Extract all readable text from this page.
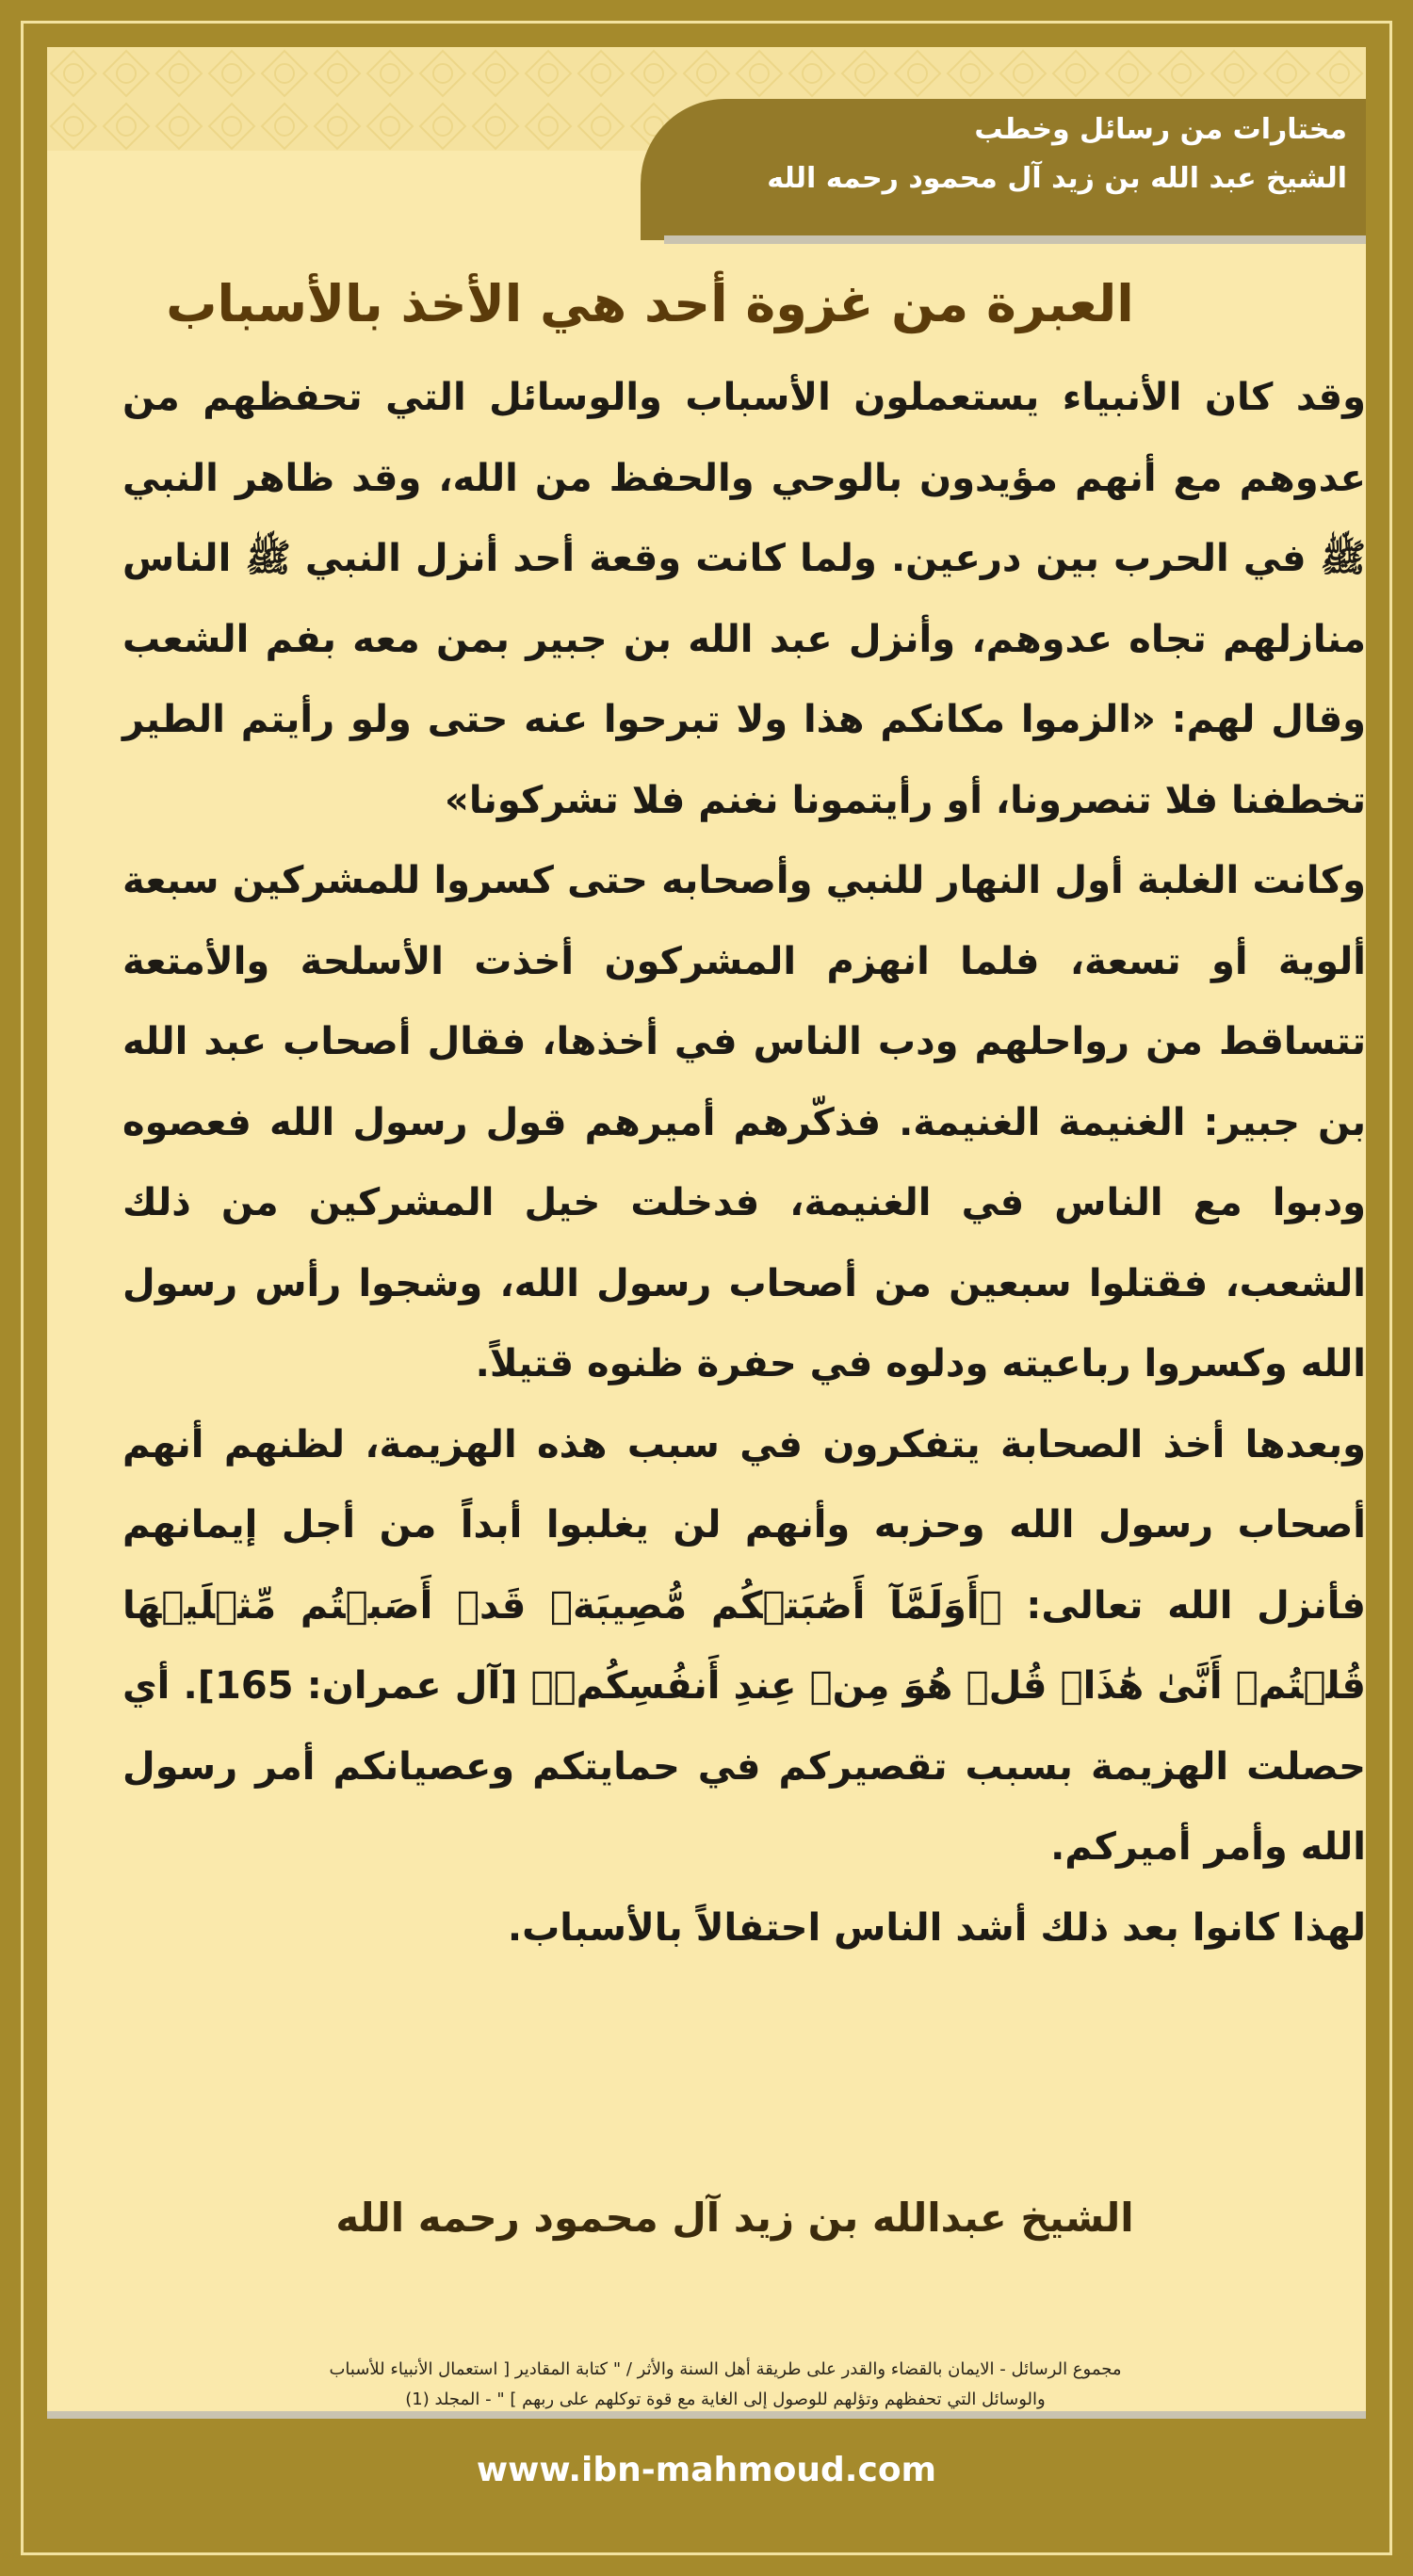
مختارات من رسائل وخطب
الشيخ عبد الله بن زيد آل محمود رحمه الله
العبرة من غزوة أحد هي الأخذ بالأسباب

وقد كان الأنبياء يستعملون الأسباب والوسائل التي تحفظهم من عدوهم مع أنهم مؤيدون بالوحي والحفظ من الله، وقد ظاهر النبي ﷺ في الحرب بين درعين. ولما كانت وقعة أحد أنزل النبي ﷺ الناس منازلهم تجاه عدوهم، وأنزل عبد الله بن جبير بمن معه بفم الشعب وقال لهم: «الزموا مكانكم هذا ولا تبرحوا عنه حتى ولو رأيتم الطير تخطفنا فلا تنصرونا، أو رأيتمونا نغنم فلا تشركونا»

وكانت الغلبة أول النهار للنبي وأصحابه حتى كسروا للمشركين سبعة ألوية أو تسعة، فلما انهزم المشركون أخذت الأسلحة والأمتعة تتساقط من رواحلهم ودب الناس في أخذها، فقال أصحاب عبد الله بن جبير: الغنيمة الغنيمة. فذكّرهم أميرهم قول رسول الله فعصوه ودبوا مع الناس في الغنيمة، فدخلت خيل المشركين من ذلك الشعب، فقتلوا سبعين من أصحاب رسول الله، وشجوا رأس رسول الله وكسروا رباعيته ودلوه في حفرة ظنوه قتيلاً.

وبعدها أخذ الصحابة يتفكرون في سبب هذه الهزيمة، لظنهم أنهم أصحاب رسول الله وحزبه وأنهم لن يغلبوا أبداً من أجل إيمانهم فأنزل الله تعالى: ﴿أَوَلَمَّآ أَصَٰبَتۡكُم مُّصِيبَةٞ قَدۡ أَصَبۡتُم مِّثۡلَيۡهَا قُلۡتُمۡ أَنَّىٰ هَٰذَاۖ قُلۡ هُوَ مِنۡ عِندِ أَنفُسِكُمۡ﴾ [آل عمران: 165]. أي حصلت الهزيمة بسبب تقصيركم في حمايتكم وعصيانكم أمر رسول الله وأمر أميركم.

لهذا كانوا بعد ذلك أشد الناس احتفالاً بالأسباب.

الشيخ عبدالله بن زيد آل محمود رحمه الله
مجموع الرسائل - الايمان بالقضاء والقدر على طريقة أهل السنة والأثر / " كتابة المقادير [ استعمال الأنبياء للأسباب
والوسائل التي تحفظهم وتؤلهم للوصول إلى الغاية مع قوة توكلهم على ربهم ] " - المجلد (1)
www.ibn-mahmoud.com
